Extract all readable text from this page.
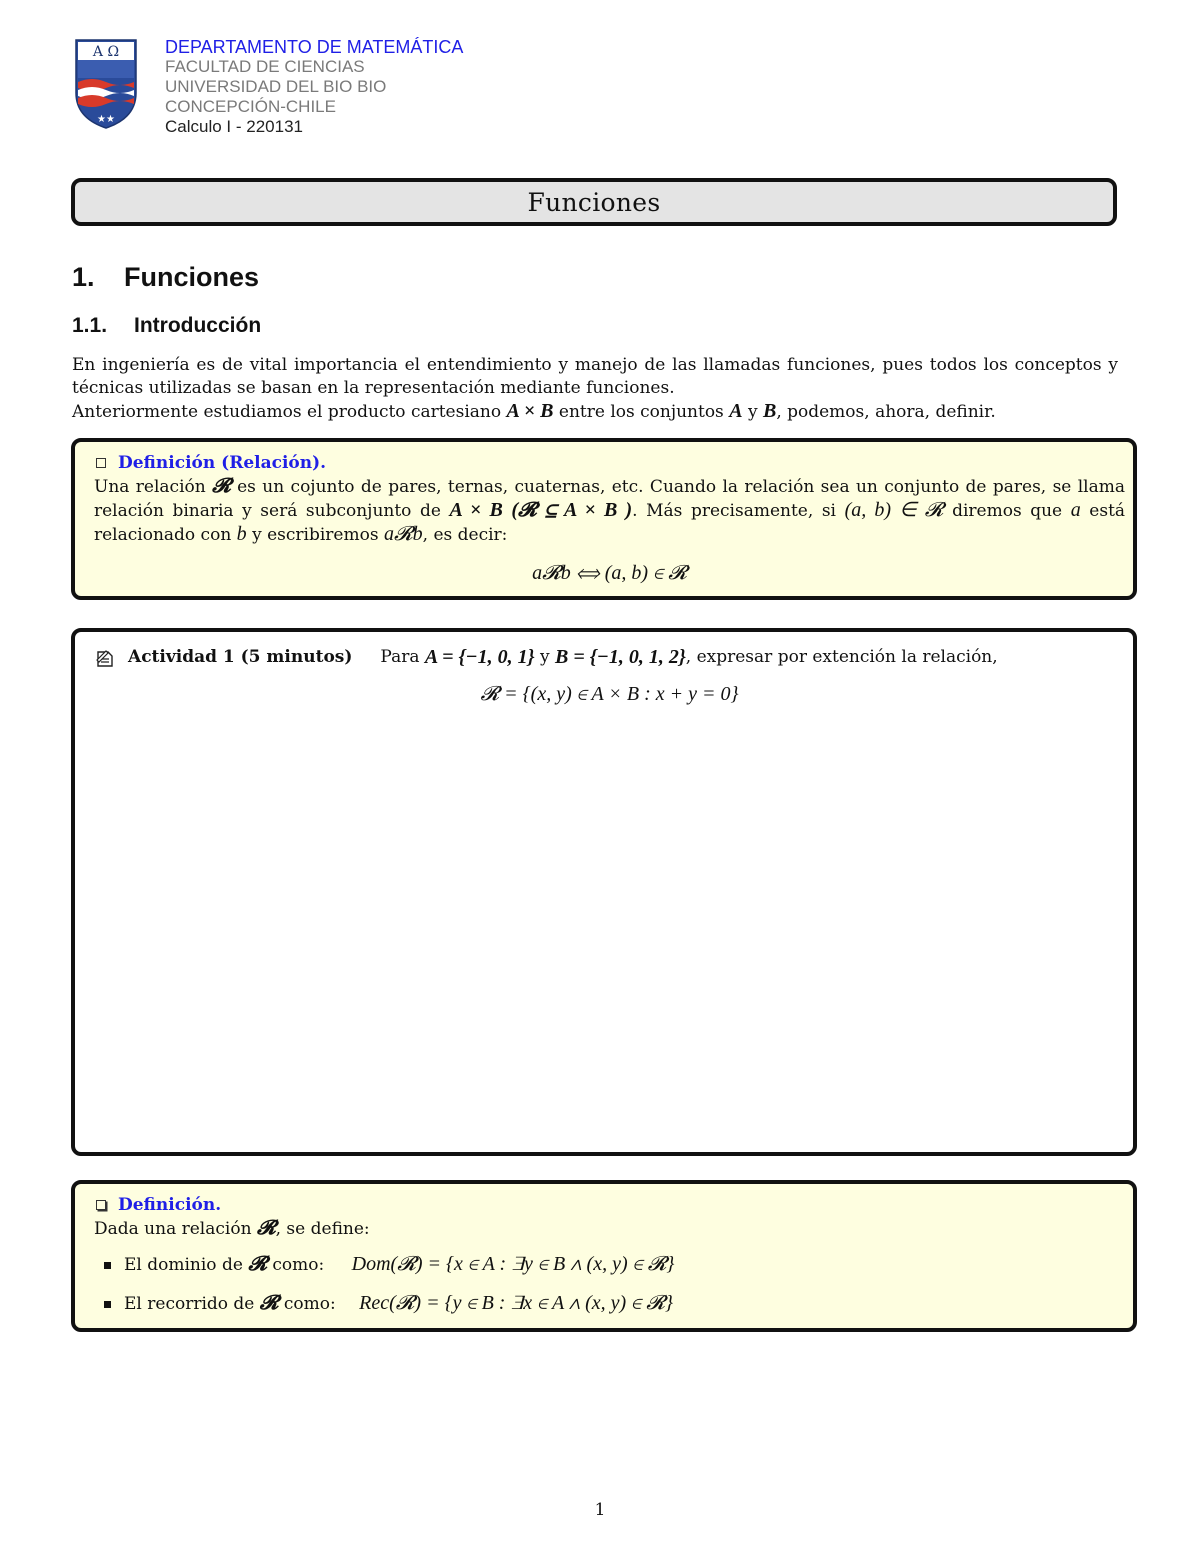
A Ω
★★
DEPARTAMENTO DE MATEMÁTICA
FACULTAD DE CIENCIAS
UNIVERSIDAD DEL BIO BIO
CONCEPCIÓN-CHILE
Calculo I - 220131
Funciones
1. Funciones
1.1. Introducción

En ingeniería es de vital importancia el entendimiento y manejo de las llamadas funciones, pues todos los conceptos y técnicas utilizadas se basan en la representación mediante funciones.

Anteriormente estudiamos el producto cartesiano A × B entre los conjuntos A y B, podemos, ahora, definir.

Definición (Relación).
Una relación 𝓡 es un cojunto de pares, ternas, cuaternas, etc. Cuando la relación sea un conjunto de pares, se llama relación binaria y será subconjunto de A × B (𝓡 ⊆ A × B ). Más precisamente, si (a, b) ∈ 𝓡 diremos que a está relacionado con b y escribiremos a𝓡b, es decir:
a𝓡b ⟺ (a, b) ∈ 𝓡
Actividad 1 (5 minutos) Para
A = {−1, 0, 1}
y
B = {−1, 0, 1, 2} , expresar por extención la relación,
𝓡 = {(x, y) ∈ A × B : x + y = 0}
Definición.
Dada una relación 𝓡, se define:
El dominio de 𝓡 como: Dom(𝓡) = {x ∈ A : ∃y ∈ B ∧ (x, y) ∈ 𝓡}
El recorrido de 𝓡 como: Rec(𝓡) = {y ∈ B : ∃x ∈ A ∧ (x, y) ∈ 𝓡}
1
